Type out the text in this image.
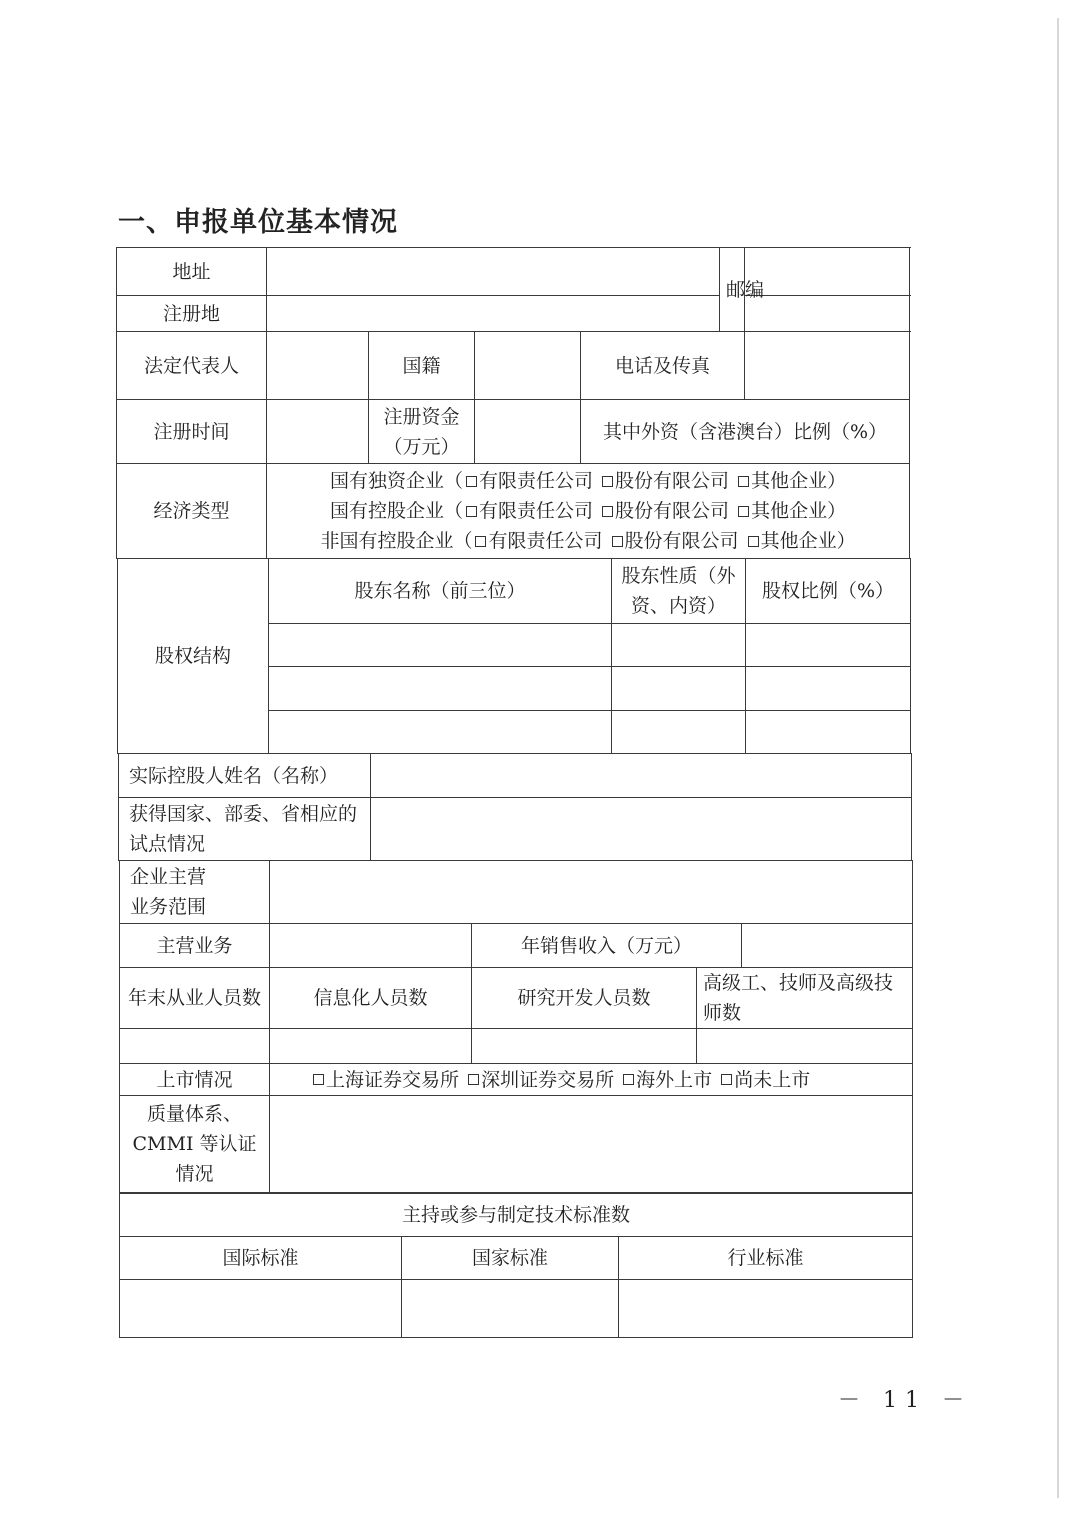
一、申报单位基本情况
地址					邮编		
注册地							
法定代表人		国籍		电话及传真			
注册时间		注册资金（万元）		其中外资（含港澳台）比例（%）			
经济类型	国有独资企业（ 有限责任公司 股份有限公司 其他企业）
国有控股企业（ 有限责任公司 股份有限公司 其他企业）
非国有控股企业（ 有限责任公司 股份有限公司 其他企业）						
股权结构	股东名称（前三位）	股东性质（外资、内资）	股权比例（%）

实际控股人姓名（名称）	
获得国家、部委、省相应的试点情况	
企业主营业务范围				
主营业务		年销售收入（万元）		
年末从业人员数	信息化人员数	研究开发人员数	高级工、技师及高级技师数	

上市情况	上海证券交易所 深圳证券交易所 海外上市 尚未上市			
质量体系、CMMI 等认证情况				
主持或参与制定技术标准数		
国际标准	国家标准	行业标准

－ 11 －
